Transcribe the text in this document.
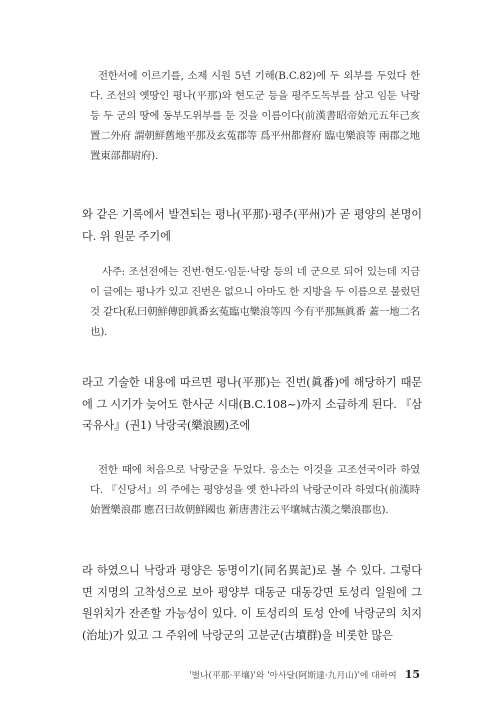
전한서에 이르기를, 소제 시원 5년 기해(B.C.82)에 두 외부를 두었다 한다. 조선의 옛땅인 평나(平那)와 현도군 등을 평주도독부를 삼고 임둔 낙랑 등 두 군의 땅에 동부도위부를 둔 것을 이름이다(前漢書昭帝始元五年己亥 置二外府 謂朝鮮舊地平那及玄菟郡等 爲平州都督府 臨屯樂浪等 兩郡之地 置東部都尉府).

와 같은 기록에서 발견되는 평나(平那)·평주(平州)가 곧 평양의 본명이다. 위 원문 주기에

사주: 조선전에는 진번·현도·임둔·낙랑 등의 네 군으로 되어 있는데 지금 이 글에는 평나가 있고 진번은 없으니 아마도 한 지방을 두 이름으로 불렀던 것 같다(私曰朝鮮傳卽眞番玄菟臨屯樂浪等四 今有平那無眞番 蓋一地二名也).

라고 기술한 내용에 따르면 평나(平那)는 진번(眞番)에 해당하기 때문에 그 시기가 늦어도 한사군 시대(B.C.108~)까지 소급하게 된다. 『삼국유사』(권1) 낙랑국(樂浪國)조에

전한 때에 처음으로 낙랑군을 두었다. 응소는 이것을 고조선국이라 하였다. 『신당서』의 주에는 평양성을 옛 한나라의 낙랑군이라 하였다(前漢時 始置樂浪郡 應召曰故朝鮮國也 新唐書注云平壤城古漢之樂浪郡也).

라 하였으니 낙랑과 평양은 동명이기(同名異記)로 볼 수 있다. 그렇다면 지명의 고착성으로 보아 평양부 대동군 대동강면 토성리 일원에 그 원위치가 잔존할 가능성이 있다. 이 토성리의 토성 안에 낙랑군의 치지(治址)가 있고 그 주위에 낙랑군의 고분군(古墳群)을 비롯한 많은

'벌나(平那·平壤)'와 '아사달(阿斯達·九月山)'에 대하여 15
